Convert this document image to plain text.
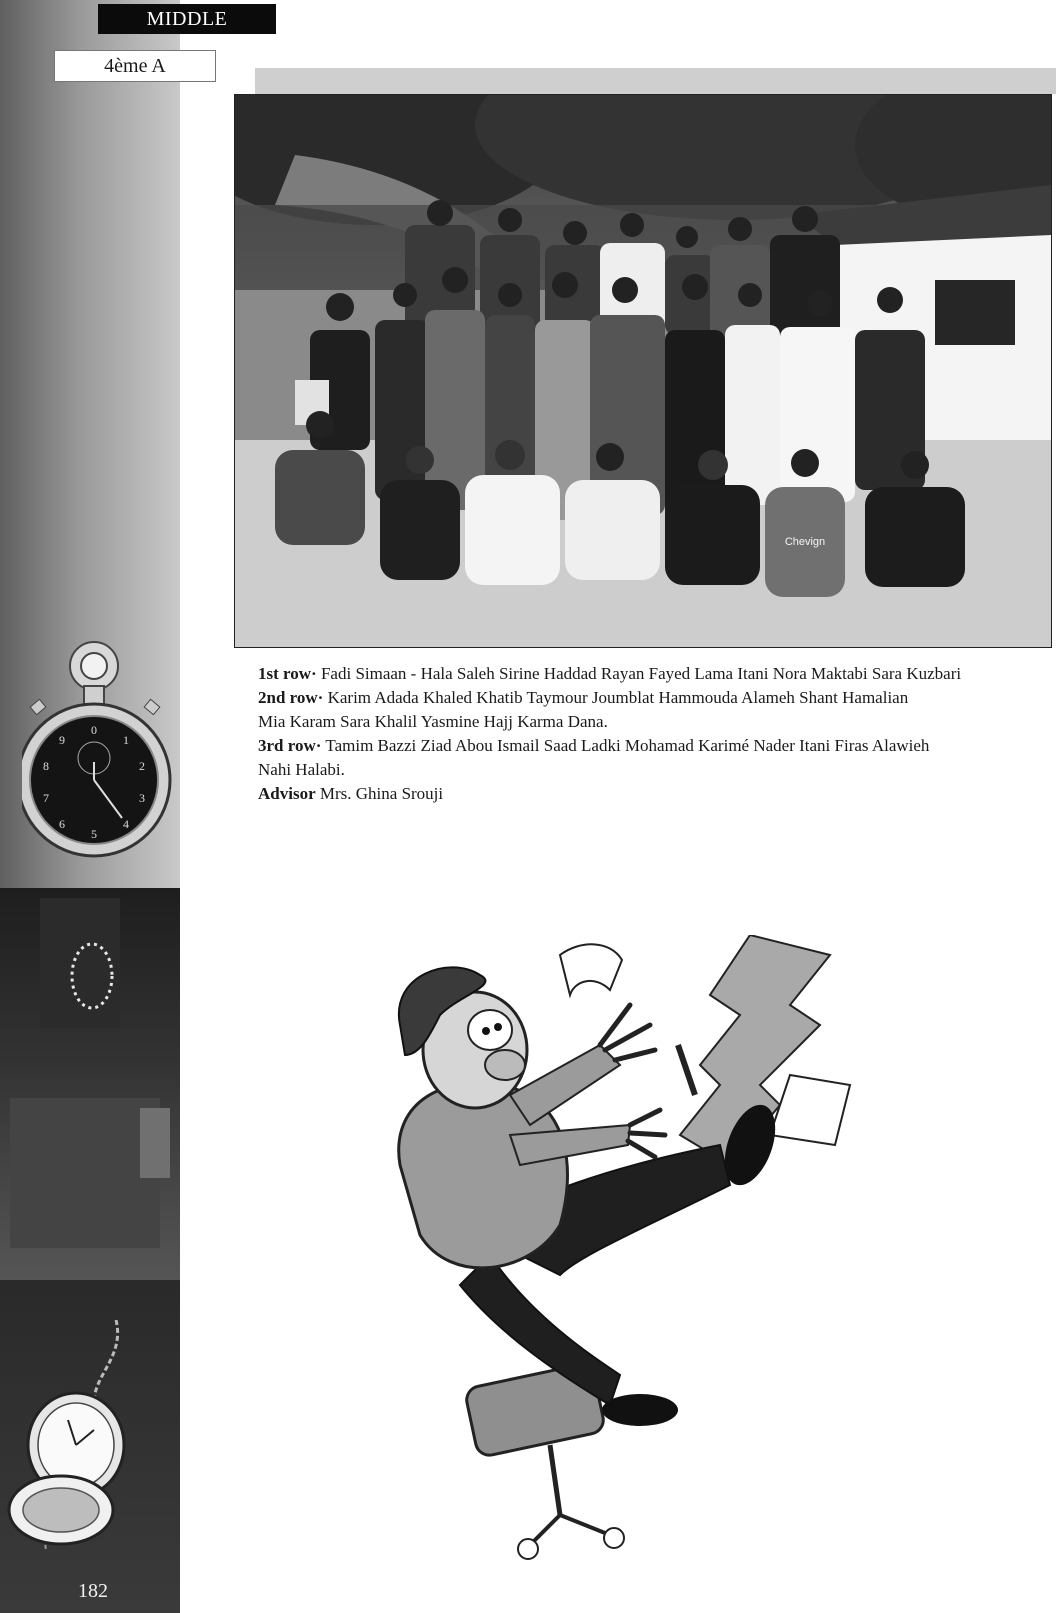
MIDDLE
4ème A
0
1
2
3
4
5
6
7
8
9
Chevign

1st row· Fadi Simaan - Hala Saleh Sirine Haddad Rayan Fayed Lama Itani Nora Maktabi Sara Kuzbari

2nd row· Karim Adada Khaled Khatib Taymour Joumblat Hammouda Alameh Shant Hamalian

Mia Karam Sara Khalil Yasmine Hajj Karma Dana.

3rd row· Tamim Bazzi Ziad Abou Ismail Saad Ladki Mohamad Karimé Nader Itani Firas Alawieh

Nahi Halabi.

Advisor Mrs. Ghina Srouji

182
